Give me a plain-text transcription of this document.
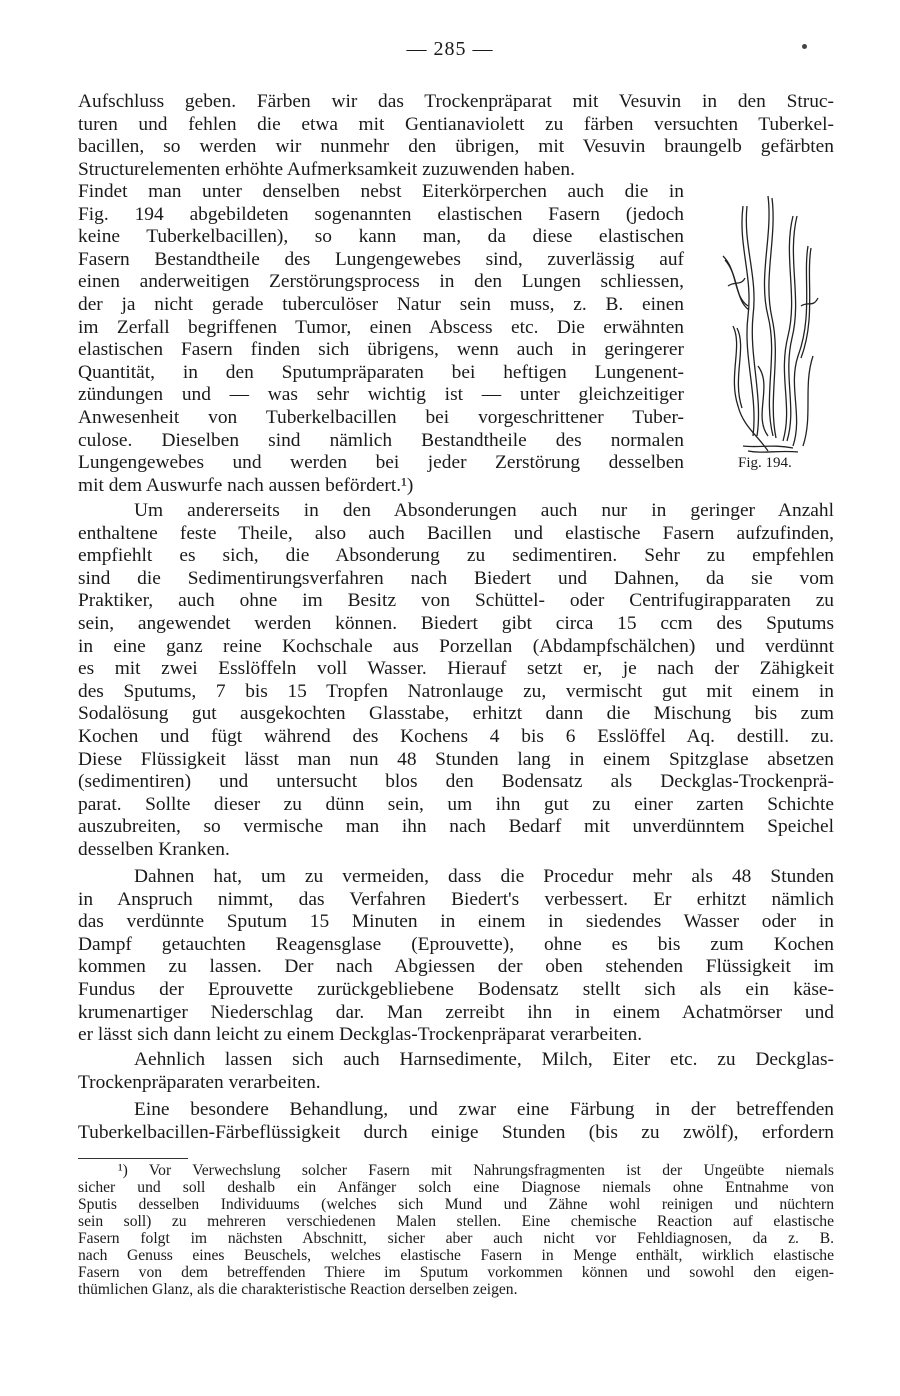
— 285 —
Aufschluss geben. Färben wir das Trockenpräparat mit Vesuvin in den Struc-
turen und fehlen die etwa mit Gentianaviolett zu färben versuchten Tuberkel-
bacillen, so werden wir nunmehr den übrigen, mit Vesuvin braungelb gefärbten
Structurelementen erhöhte Aufmerksamkeit zuzuwenden haben.
Findet man unter denselben nebst Eiterkörperchen auch die in
Fig. 194 abgebildeten sogenannten elastischen Fasern (jedoch
keine Tuberkelbacillen), so kann man, da diese elastischen
Fasern Bestandtheile des Lungengewebes sind, zuverlässig auf
einen anderweitigen Zerstörungsprocess in den Lungen schliessen,
der ja nicht gerade tuberculöser Natur sein muss, z. B. einen
im Zerfall begriffenen Tumor, einen Abscess etc. Die erwähnten
elastischen Fasern finden sich übrigens, wenn auch in geringerer
Quantität, in den Sputumpräparaten bei heftigen Lungenent-
zündungen und — was sehr wichtig ist — unter gleichzeitiger
Anwesenheit von Tuberkelbacillen bei vorgeschrittener Tuber-
culose. Dieselben sind nämlich Bestandtheile des normalen
Lungengewebes und werden bei jeder Zerstörung desselben
mit dem Auswurfe nach aussen befördert.¹)
Fig. 194.
Um andererseits in den Absonderungen auch nur in geringer Anzahl
enthaltene feste Theile, also auch Bacillen und elastische Fasern aufzufinden,
empfiehlt es sich, die Absonderung zu sedimentiren. Sehr zu empfehlen
sind die Sedimentirungsverfahren nach Biedert und Dahnen, da sie vom
Praktiker, auch ohne im Besitz von Schüttel- oder Centrifugirapparaten zu
sein, angewendet werden können. Biedert gibt circa 15 ccm des Sputums
in eine ganz reine Kochschale aus Porzellan (Abdampfschälchen) und verdünnt
es mit zwei Esslöffeln voll Wasser. Hierauf setzt er, je nach der Zähigkeit
des Sputums, 7 bis 15 Tropfen Natronlauge zu, vermischt gut mit einem in
Sodalösung gut ausgekochten Glasstabe, erhitzt dann die Mischung bis zum
Kochen und fügt während des Kochens 4 bis 6 Esslöffel Aq. destill. zu.
Diese Flüssigkeit lässt man nun 48 Stunden lang in einem Spitzglase absetzen
(sedimentiren) und untersucht blos den Bodensatz als Deckglas-Trockenprä-
parat. Sollte dieser zu dünn sein, um ihn gut zu einer zarten Schichte
auszubreiten, so vermische man ihn nach Bedarf mit unverdünntem Speichel
desselben Kranken.
Dahnen hat, um zu vermeiden, dass die Procedur mehr als 48 Stunden
in Anspruch nimmt, das Verfahren Biedert's verbessert. Er erhitzt nämlich
das verdünnte Sputum 15 Minuten in einem in siedendes Wasser oder in
Dampf getauchten Reagensglase (Eprouvette), ohne es bis zum Kochen
kommen zu lassen. Der nach Abgiessen der oben stehenden Flüssigkeit im
Fundus der Eprouvette zurückgebliebene Bodensatz stellt sich als ein käse-
krumenartiger Niederschlag dar. Man zerreibt ihn in einem Achatmörser und
er lässt sich dann leicht zu einem Deckglas-Trockenpräparat verarbeiten.
Aehnlich lassen sich auch Harnsedimente, Milch, Eiter etc. zu Deckglas-
Trockenpräparaten verarbeiten.
Eine besondere Behandlung, und zwar eine Färbung in der betreffenden
Tuberkelbacillen-Färbeflüssigkeit durch einige Stunden (bis zu zwölf), erfordern
¹) Vor Verwechslung solcher Fasern mit Nahrungsfragmenten ist der Ungeübte niemals
sicher und soll deshalb ein Anfänger solch eine Diagnose niemals ohne Entnahme von
Sputis desselben Individuums (welches sich Mund und Zähne wohl reinigen und nüchtern
sein soll) zu mehreren verschiedenen Malen stellen. Eine chemische Reaction auf elastische
Fasern folgt im nächsten Abschnitt, sicher aber auch nicht vor Fehldiagnosen, da z. B.
nach Genuss eines Beuschels, welches elastische Fasern in Menge enthält, wirklich elastische
Fasern von dem betreffenden Thiere im Sputum vorkommen können und sowohl den eigen-
thümlichen Glanz, als die charakteristische Reaction derselben zeigen.
